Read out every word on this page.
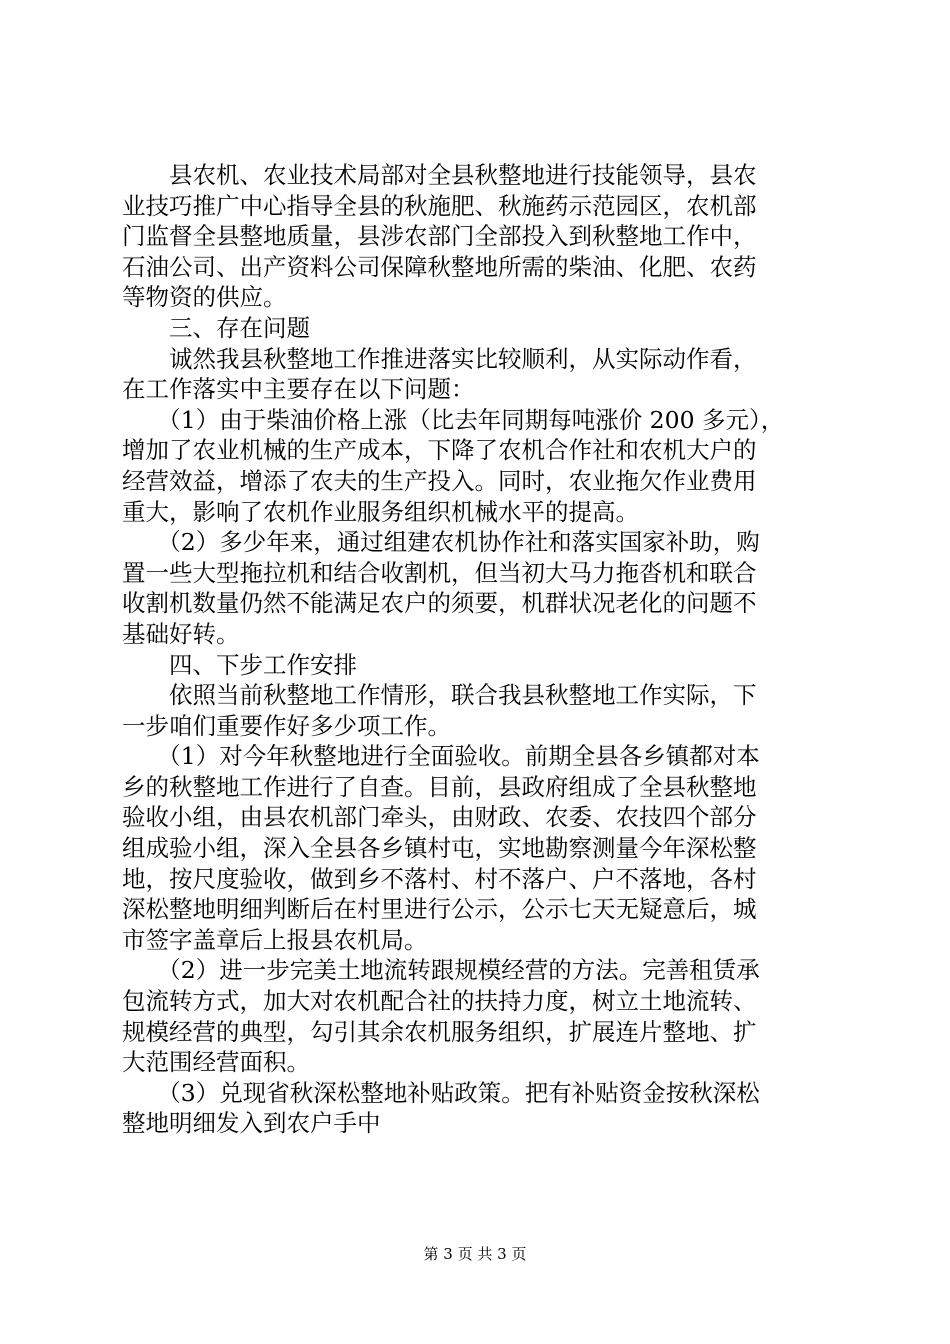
　　县农机、农业技术局部对全县秋整地进行技能领导，县农
业技巧推广中心指导全县的秋施肥、秋施药示范园区，农机部
门监督全县整地质量，县涉农部门全部投入到秋整地工作中，
石油公司、出产资料公司保障秋整地所需的柴油、化肥、农药
等物资的供应。
　　三、存在问题
　　诚然我县秋整地工作推进落实比较顺利，从实际动作看，
在工作落实中主要存在以下问题：
　　（1）由于柴油价格上涨（比去年同期每吨涨价 200 多元），
增加了农业机械的生产成本，下降了农机合作社和农机大户的
经营效益，增添了农夫的生产投入。同时，农业拖欠作业费用
重大，影响了农机作业服务组织机械水平的提高。
　　（2）多少年来，通过组建农机协作社和落实国家补助，购
置一些大型拖拉机和结合收割机，但当初大马力拖沓机和联合
收割机数量仍然不能满足农户的须要，机群状况老化的问题不
基础好转。
　　四、下步工作安排
　　依照当前秋整地工作情形，联合我县秋整地工作实际，下
一步咱们重要作好多少项工作。
　　（1）对今年秋整地进行全面验收。前期全县各乡镇都对本
乡的秋整地工作进行了自查。目前，县政府组成了全县秋整地
验收小组，由县农机部门牵头，由财政、农委、农技四个部分
组成验小组，深入全县各乡镇村屯，实地勘察测量今年深松整
地，按尺度验收，做到乡不落村、村不落户、户不落地，各村
深松整地明细判断后在村里进行公示，公示七天无疑意后，城
市签字盖章后上报县农机局。
　　（2）进一步完美土地流转跟规模经营的方法。完善租赁承
包流转方式，加大对农机配合社的扶持力度，树立土地流转、
规模经营的典型，勾引其余农机服务组织，扩展连片整地、扩
大范围经营面积。
　　（3）兑现省秋深松整地补贴政策。把有补贴资金按秋深松
整地明细发入到农户手中
第 3 页 共 3 页
